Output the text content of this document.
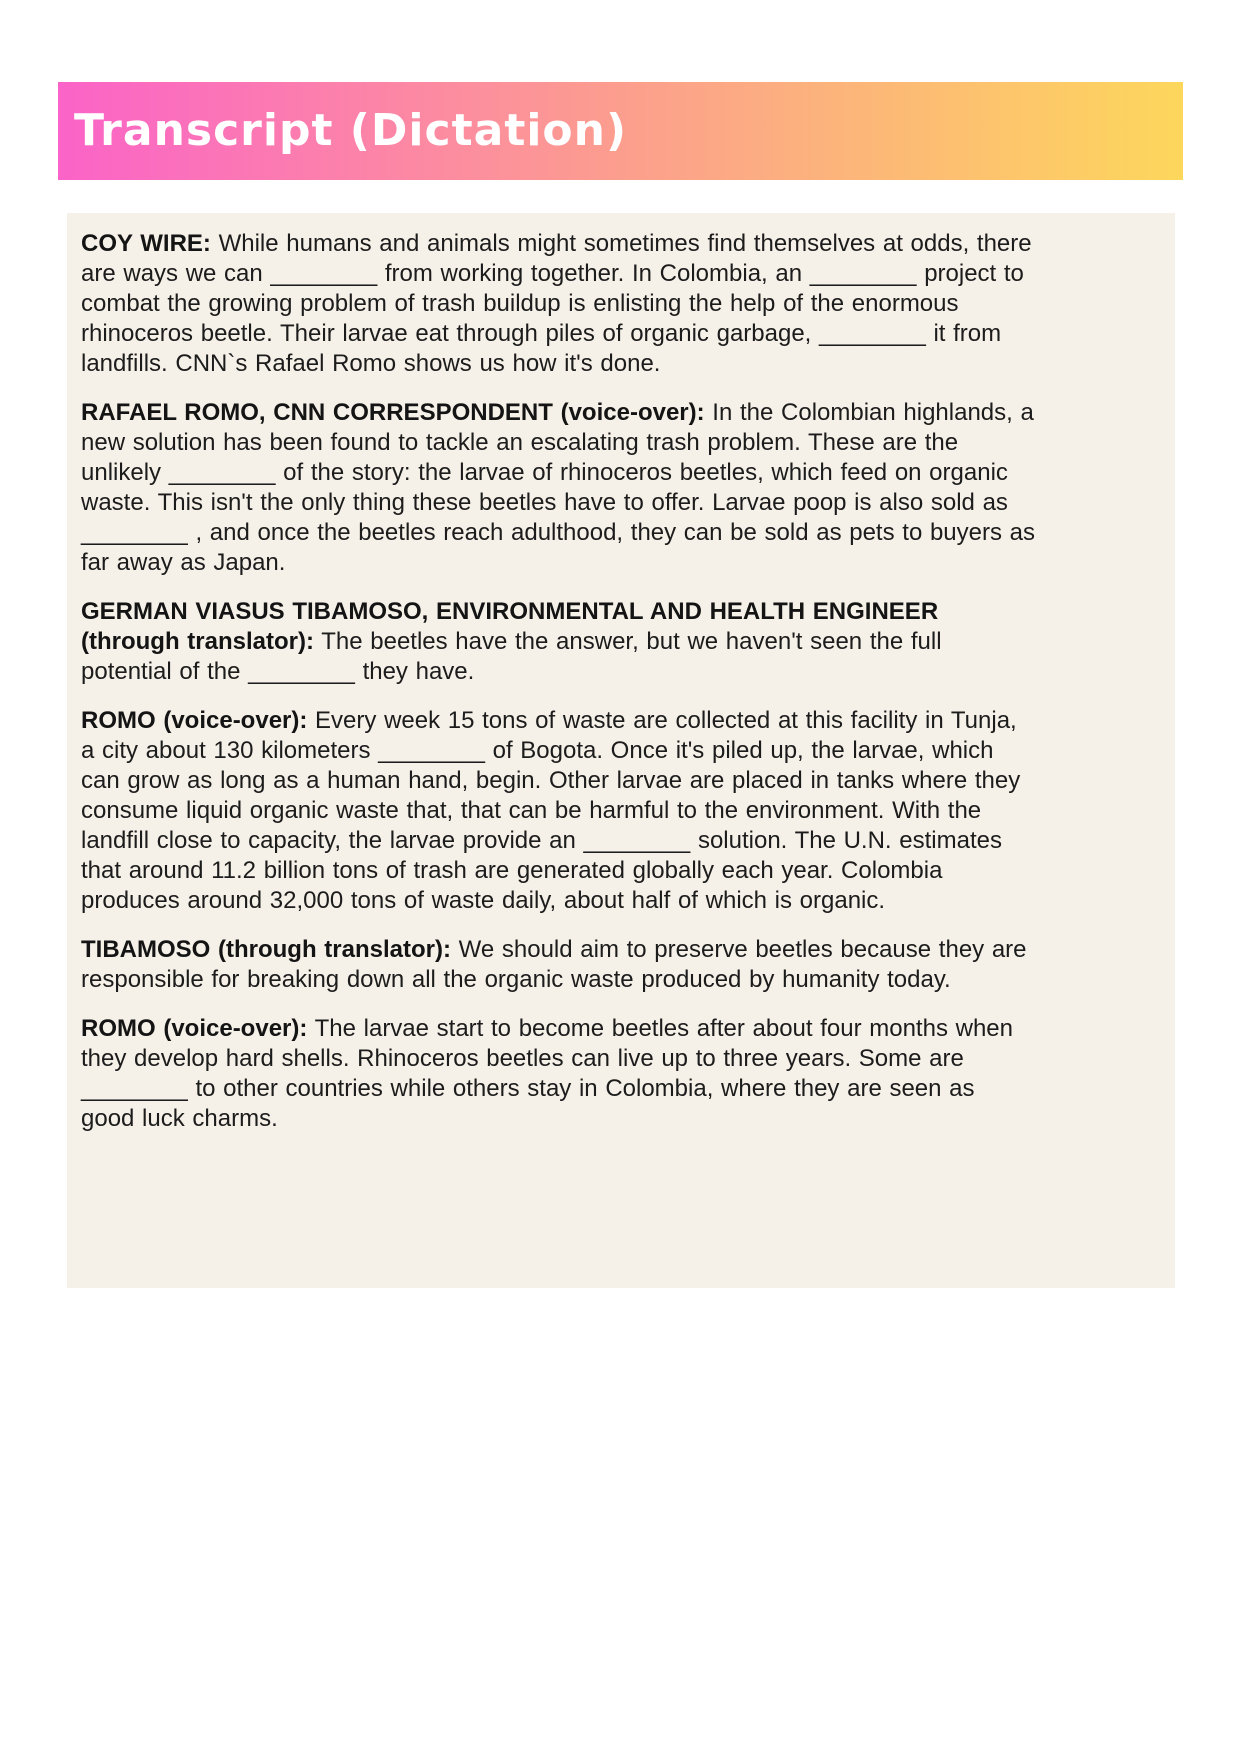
Transcript (Dictation)

COY WIRE: While humans and animals might sometimes find themselves at odds, there are ways we can ________ from working together. In Colombia, an ________ project to combat the growing problem of trash buildup is enlisting the help of the enormous rhinoceros beetle. Their larvae eat through piles of organic garbage, ________ it from landfills. CNN`s Rafael Romo shows us how it's done.

RAFAEL ROMO, CNN CORRESPONDENT (voice-over): In the Colombian highlands, a new solution has been found to tackle an escalating trash problem. These are the unlikely ________ of the story: the larvae of rhinoceros beetles, which feed on organic waste. This isn't the only thing these beetles have to offer. Larvae poop is also sold as ________ , and once the beetles reach adulthood, they can be sold as pets to buyers as far away as Japan.

GERMAN VIASUS TIBAMOSO, ENVIRONMENTAL AND HEALTH ENGINEER (through translator): The beetles have the answer, but we haven't seen the full potential of the ________ they have.

ROMO (voice-over): Every week 15 tons of waste are collected at this facility in Tunja, a city about 130 kilometers ________ of Bogota. Once it's piled up, the larvae, which can grow as long as a human hand, begin. Other larvae are placed in tanks where they consume liquid organic waste that, that can be harmful to the environment. With the landfill close to capacity, the larvae provide an ________ solution. The U.N. estimates that around 11.2 billion tons of trash are generated globally each year. Colombia produces around 32,000 tons of waste daily, about half of which is organic.

TIBAMOSO (through translator): We should aim to preserve beetles because they are responsible for breaking down all the organic waste produced by humanity today.

ROMO (voice-over): The larvae start to become beetles after about four months when they develop hard shells. Rhinoceros beetles can live up to three years. Some are ________ to other countries while others stay in Colombia, where they are seen as good luck charms.
